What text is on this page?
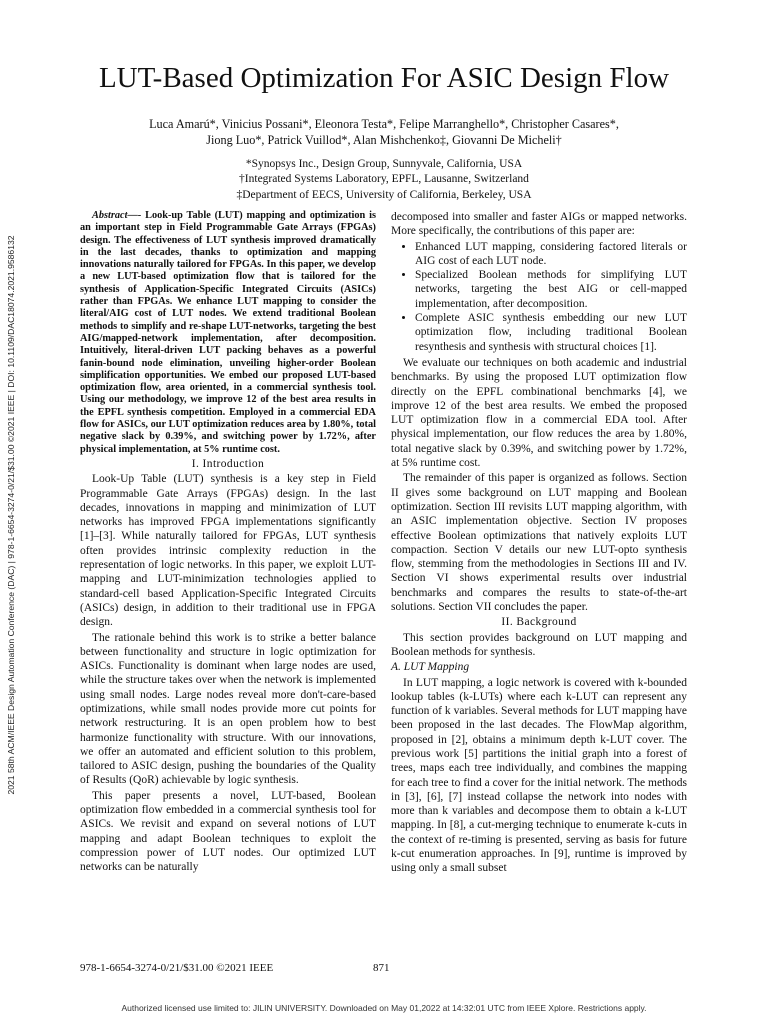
LUT-Based Optimization For ASIC Design Flow
Luca Amarú*, Vinicius Possani*, Eleonora Testa*, Felipe Marranghello*, Christopher Casares*,
Jiong Luo*, Patrick Vuillod*, Alan Mishchenko‡, Giovanni De Micheli†
*Synopsys Inc., Design Group, Sunnyvale, California, USA
†Integrated Systems Laboratory, EPFL, Lausanne, Switzerland
‡Department of EECS, University of California, Berkeley, USA
2021 58th ACM/IEEE Design Automation Conference (DAC) | 978-1-6654-3274-0/21/$31.00 ©2021 IEEE | DOI: 10.1109/DAC18074.2021.9586132

Abstract—- Look-up Table (LUT) mapping and optimization is an important step in Field Programmable Gate Arrays (FPGAs) design. The effectiveness of LUT synthesis improved dramatically in the last decades, thanks to optimization and mapping innovations naturally tailored for FPGAs. In this paper, we develop a new LUT-based optimization flow that is tailored for the synthesis of Application-Specific Integrated Circuits (ASICs) rather than FPGAs. We enhance LUT mapping to consider the literal/AIG cost of LUT nodes. We extend traditional Boolean methods to simplify and re-shape LUT-networks, targeting the best AIG/mapped-network implementation, after decomposition. Intuitively, literal-driven LUT packing behaves as a powerful fanin-bound node elimination, unveiling higher-order Boolean simplification opportunities. We embed our proposed LUT-based optimization flow, area oriented, in a commercial synthesis tool. Using our methodology, we improve 12 of the best area results in the EPFL synthesis competition. Employed in a commercial EDA flow for ASICs, our LUT optimization reduces area by 1.80%, total negative slack by 0.39%, and switching power by 1.72%, after physical implementation, at 5% runtime cost.

I. Introduction

Look-Up Table (LUT) synthesis is a key step in Field Programmable Gate Arrays (FPGAs) design. In the last decades, innovations in mapping and minimization of LUT networks has improved FPGA implementations significantly [1]–[3]. While naturally tailored for FPGAs, LUT synthesis often provides intrinsic complexity reduction in the representation of logic networks. In this paper, we exploit LUT-mapping and LUT-minimization technologies applied to standard-cell based Application-Specific Integrated Circuits (ASICs) design, in addition to their traditional use in FPGA design.

The rationale behind this work is to strike a better balance between functionality and structure in logic optimization for ASICs. Functionality is dominant when large nodes are used, while the structure takes over when the network is implemented using small nodes. Large nodes reveal more don't-care-based optimizations, while small nodes provide more cut points for network restructuring. It is an open problem how to best harmonize functionality with structure. With our innovations, we offer an automated and efficient solution to this problem, tailored to ASIC design, pushing the boundaries of the Quality of Results (QoR) achievable by logic synthesis.

This paper presents a novel, LUT-based, Boolean optimization flow embedded in a commercial synthesis tool for ASICs. We revisit and expand on several notions of LUT mapping and adapt Boolean techniques to exploit the compression power of LUT nodes. Our optimized LUT networks can be naturally

decomposed into smaller and faster AIGs or mapped networks. More specifically, the contributions of this paper are:

• Enhanced LUT mapping, considering factored literals or AIG cost of each LUT node.
• Specialized Boolean methods for simplifying LUT networks, targeting the best AIG or cell-mapped implementation, after decomposition.
• Complete ASIC synthesis embedding our new LUT optimization flow, including traditional Boolean resynthesis and synthesis with structural choices [1].

We evaluate our techniques on both academic and industrial benchmarks. By using the proposed LUT optimization flow directly on the EPFL combinational benchmarks [4], we improve 12 of the best area results. We embed the proposed LUT optimization flow in a commercial EDA tool. After physical implementation, our flow reduces the area by 1.80%, total negative slack by 0.39%, and switching power by 1.72%, at 5% runtime cost.

The remainder of this paper is organized as follows. Section II gives some background on LUT mapping and Boolean optimization. Section III revisits LUT mapping algorithm, with an ASIC implementation objective. Section IV proposes effective Boolean optimizations that natively exploits LUT compaction. Section V details our new LUT-opto synthesis flow, stemming from the methodologies in Sections III and IV. Section VI shows experimental results over industrial benchmarks and compares the results to state-of-the-art solutions. Section VII concludes the paper.

II. Background

This section provides background on LUT mapping and Boolean methods for synthesis.

A. LUT Mapping

In LUT mapping, a logic network is covered with k-bounded lookup tables (k-LUTs) where each k-LUT can represent any function of k variables. Several methods for LUT mapping have been proposed in the last decades. The FlowMap algorithm, proposed in [2], obtains a minimum depth k-LUT cover. The previous work [5] partitions the initial graph into a forest of trees, maps each tree individually, and combines the mapping for each tree to find a cover for the initial network. The methods in [3], [6], [7] instead collapse the network into nodes with more than k variables and decompose them to obtain a k-LUT mapping. In [8], a cut-merging technique to enumerate k-cuts in the context of re-timing is presented, serving as basis for future k-cut enumeration approaches. In [9], runtime is improved by using only a small subset

978-1-6654-3274-0/21/$31.00 ©2021 IEEE	871
Authorized licensed use limited to: JILIN UNIVERSITY. Downloaded on May 01,2022 at 14:32:01 UTC from IEEE Xplore. Restrictions apply.
